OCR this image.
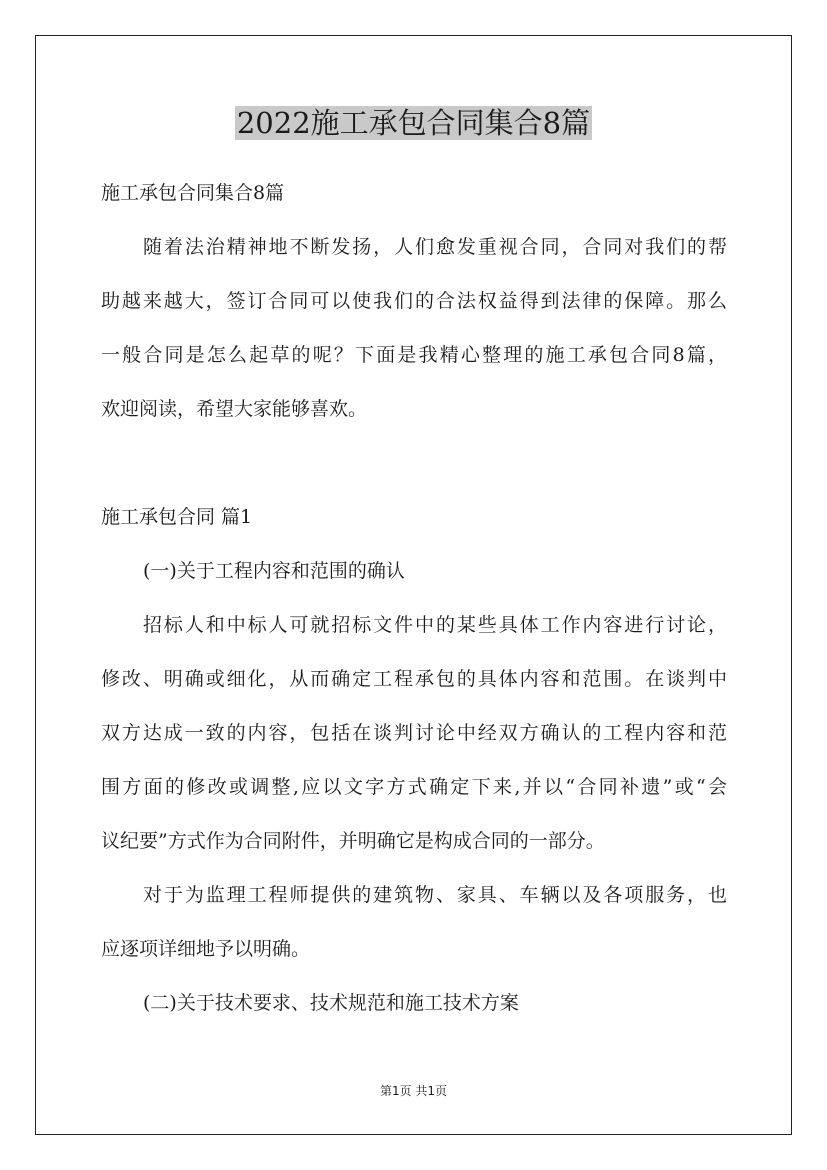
2022施工承包合同集合8篇

施工承包合同集合8篇

随着法治精神地不断发扬，人们愈发重视合同，合同对我们的帮

助越来越大，签订合同可以使我们的合法权益得到法律的保障。那么

一般合同是怎么起草的呢？下面是我精心整理的施工承包合同8篇，

欢迎阅读，希望大家能够喜欢。

施工承包合同 篇1

(一)关于工程内容和范围的确认

招标人和中标人可就招标文件中的某些具体工作内容进行讨论，

修改、明确或细化，从而确定工程承包的具体内容和范围。在谈判中

双方达成一致的内容，包括在谈判讨论中经双方确认的工程内容和范

围方面的修改或调整,应以文字方式确定下来,并以“合同补遗”或“会

议纪要”方式作为合同附件，并明确它是构成合同的一部分。

对于为监理工程师提供的建筑物、家具、车辆以及各项服务，也

应逐项详细地予以明确。

(二)关于技术要求、技术规范和施工技术方案

第1页 共1页
